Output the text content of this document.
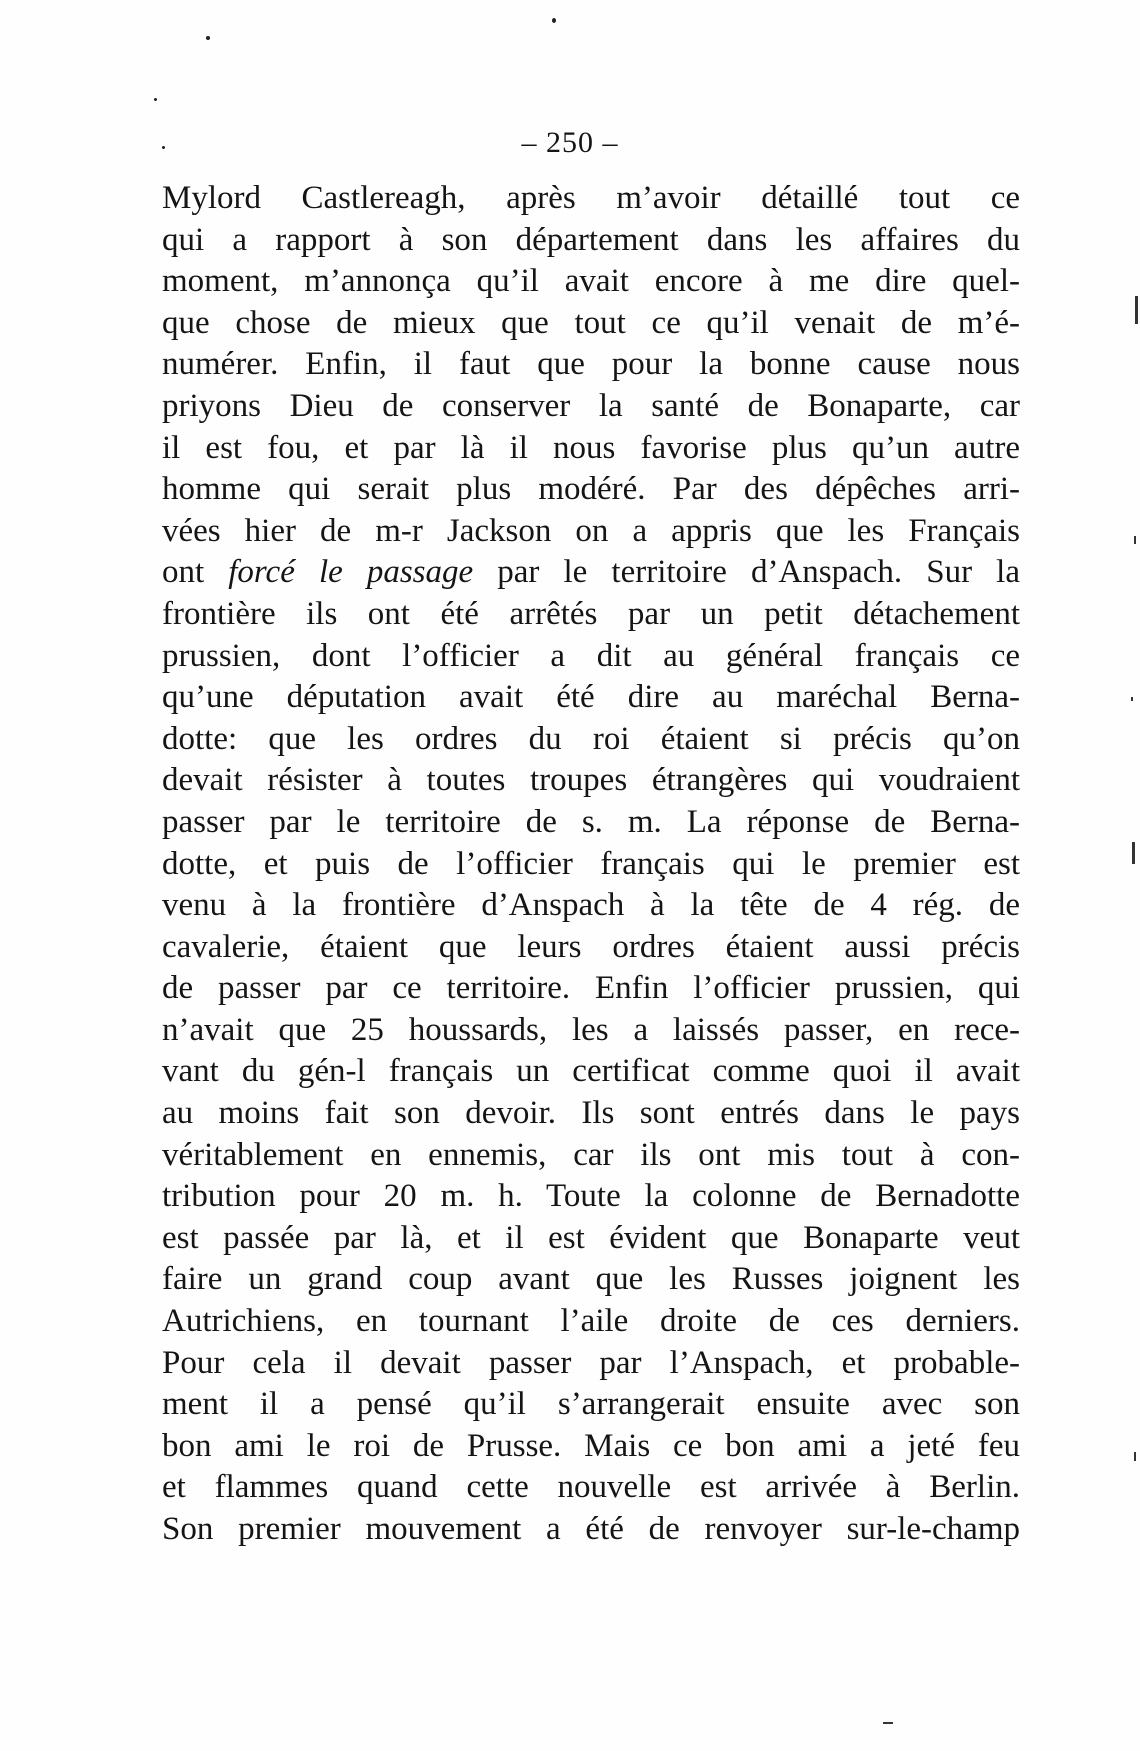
– 250 –
Mylord Castlereagh, après m’avoir détaillé tout ce
qui a rapport à son département dans les affaires du
moment, m’annonça qu’il avait encore à me dire quel-
que chose de mieux que tout ce qu’il venait de m’é-
numérer. Enfin, il faut que pour la bonne cause nous
priyons Dieu de conserver la santé de Bonaparte, car
il est fou, et par là il nous favorise plus qu’un autre
homme qui serait plus modéré. Par des dépêches arri-
vées hier de m-r Jackson on a appris que les Français
ont forcé le passage par le territoire d’Anspach. Sur la
frontière ils ont été arrêtés par un petit détachement
prussien, dont l’officier a dit au général français ce
qu’une députation avait été dire au maréchal Berna-
dotte: que les ordres du roi étaient si précis qu’on
devait résister à toutes troupes étrangères qui voudraient
passer par le territoire de s. m. La réponse de Berna-
dotte, et puis de l’officier français qui le premier est
venu à la frontière d’Anspach à la tête de 4 rég. de
cavalerie, étaient que leurs ordres étaient aussi précis
de passer par ce territoire. Enfin l’officier prussien, qui
n’avait que 25 houssards, les a laissés passer, en rece-
vant du gén-l français un certificat comme quoi il avait
au moins fait son devoir. Ils sont entrés dans le pays
véritablement en ennemis, car ils ont mis tout à con-
tribution pour 20 m. h. Toute la colonne de Bernadotte
est passée par là, et il est évident que Bonaparte veut
faire un grand coup avant que les Russes joignent les
Autrichiens, en tournant l’aile droite de ces derniers.
Pour cela il devait passer par l’Anspach, et probable-
ment il a pensé qu’il s’arrangerait ensuite avec son
bon ami le roi de Prusse. Mais ce bon ami a jeté feu
et flammes quand cette nouvelle est arrivée à Berlin.
Son premier mouvement a été de renvoyer sur-le-champ
